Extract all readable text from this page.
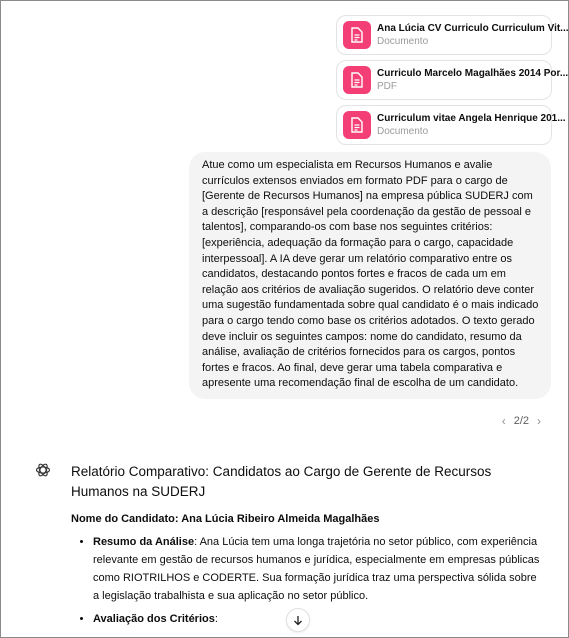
Ana Lúcia CV Curriculo Curriculum Vit...
Documento
Curriculo Marcelo Magalhães 2014 Por...
PDF
Curriculum vitae Angela Henrique 201...
Documento
Atue como um especialista em Recursos Humanos e avalie currículos extensos enviados em formato PDF para o cargo de [Gerente de Recursos Humanos] na empresa pública SUDERJ com a descrição [responsável pela coordenação da gestão de pessoal e talentos], comparando-os com base nos seguintes critérios: [experiência, adequação da formação para o cargo, capacidade interpessoal]. A IA deve gerar um relatório comparativo entre os candidatos, destacando pontos fortes e fracos de cada um em relação aos critérios de avaliação sugeridos. O relatório deve conter uma sugestão fundamentada sobre qual candidato é o mais indicado para o cargo tendo como base os critérios adotados. O texto gerado deve incluir os seguintes campos: nome do candidato, resumo da análise, avaliação de critérios fornecidos para os cargos, pontos fortes e fracos. Ao final, deve gerar uma tabela comparativa e apresente uma recomendação final de escolha de um candidato.
‹ 2/2 ›
Relatório Comparativo: Candidatos ao Cargo de Gerente de Recursos Humanos na SUDERJ
Nome do Candidato: Ana Lúcia Ribeiro Almeida Magalhães
• Resumo da Análise: Ana Lúcia tem uma longa trajetória no setor público, com experiência relevante em gestão de recursos humanos e jurídica, especialmente em empresas públicas como RIOTRILHOS e CODERTE. Sua formação jurídica traz uma perspectiva sólida sobre a legislação trabalhista e sua aplicação no setor público.
• Avaliação dos Critérios:
